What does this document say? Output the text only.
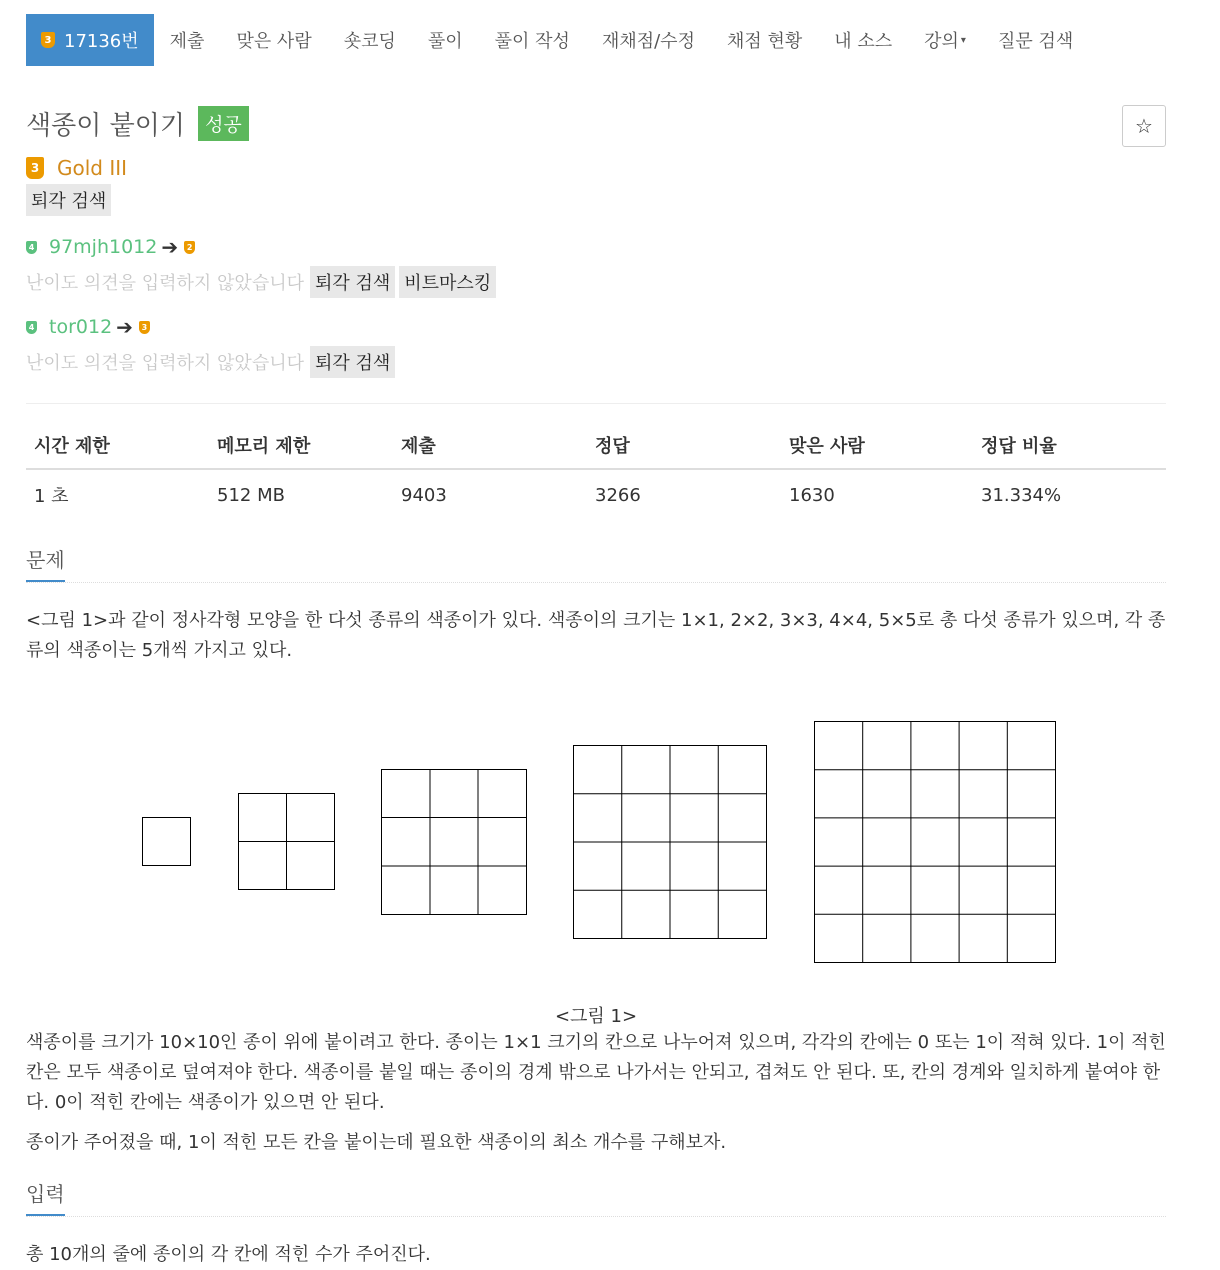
3 17136번 제출 맞은 사람 숏코딩 풀이 풀이 작성 재채점/수정 채점 현황 내 소스 강의 ▾ 질문 검색
색종이 붙이기 성공	☆
3 Gold III
퇴각 검색
4 97mjh1012 ➔	2
난이도 의견을 입력하지 않았습니다 퇴각 검색 비트마스킹
4 tor012 ➔	3
난이도 의견을 입력하지 않았습니다 퇴각 검색
시간 제한	메모리 제한	제출	정답	맞은 사람	정답 비율
1 초	512 MB	9403	3266	1630	31.334%
문제
<그림 1>과 같이 정사각형 모양을 한 다섯 종류의 색종이가 있다. 색종이의 크기는 1×1, 2×2, 3×3, 4×4, 5×5로 총 다섯 종류가 있으며, 각 종류의 색종이는 5개씩 가지고 있다.
<그림 1>
색종이를 크기가 10×10인 종이 위에 붙이려고 한다. 종이는 1×1 크기의 칸으로 나누어져 있으며, 각각의 칸에는 0 또는 1이 적혀 있다. 1이 적힌 칸은 모두 색종이로 덮여져야 한다. 색종이를 붙일 때는 종이의 경계 밖으로 나가서는 안되고, 겹쳐도 안 된다. 또, 칸의 경계와 일치하게 붙여야 한다. 0이 적힌 칸에는 색종이가 있으면 안 된다.
종이가 주어졌을 때, 1이 적힌 모든 칸을 붙이는데 필요한 색종이의 최소 개수를 구해보자.
입력
총 10개의 줄에 종이의 각 칸에 적힌 수가 주어진다.
